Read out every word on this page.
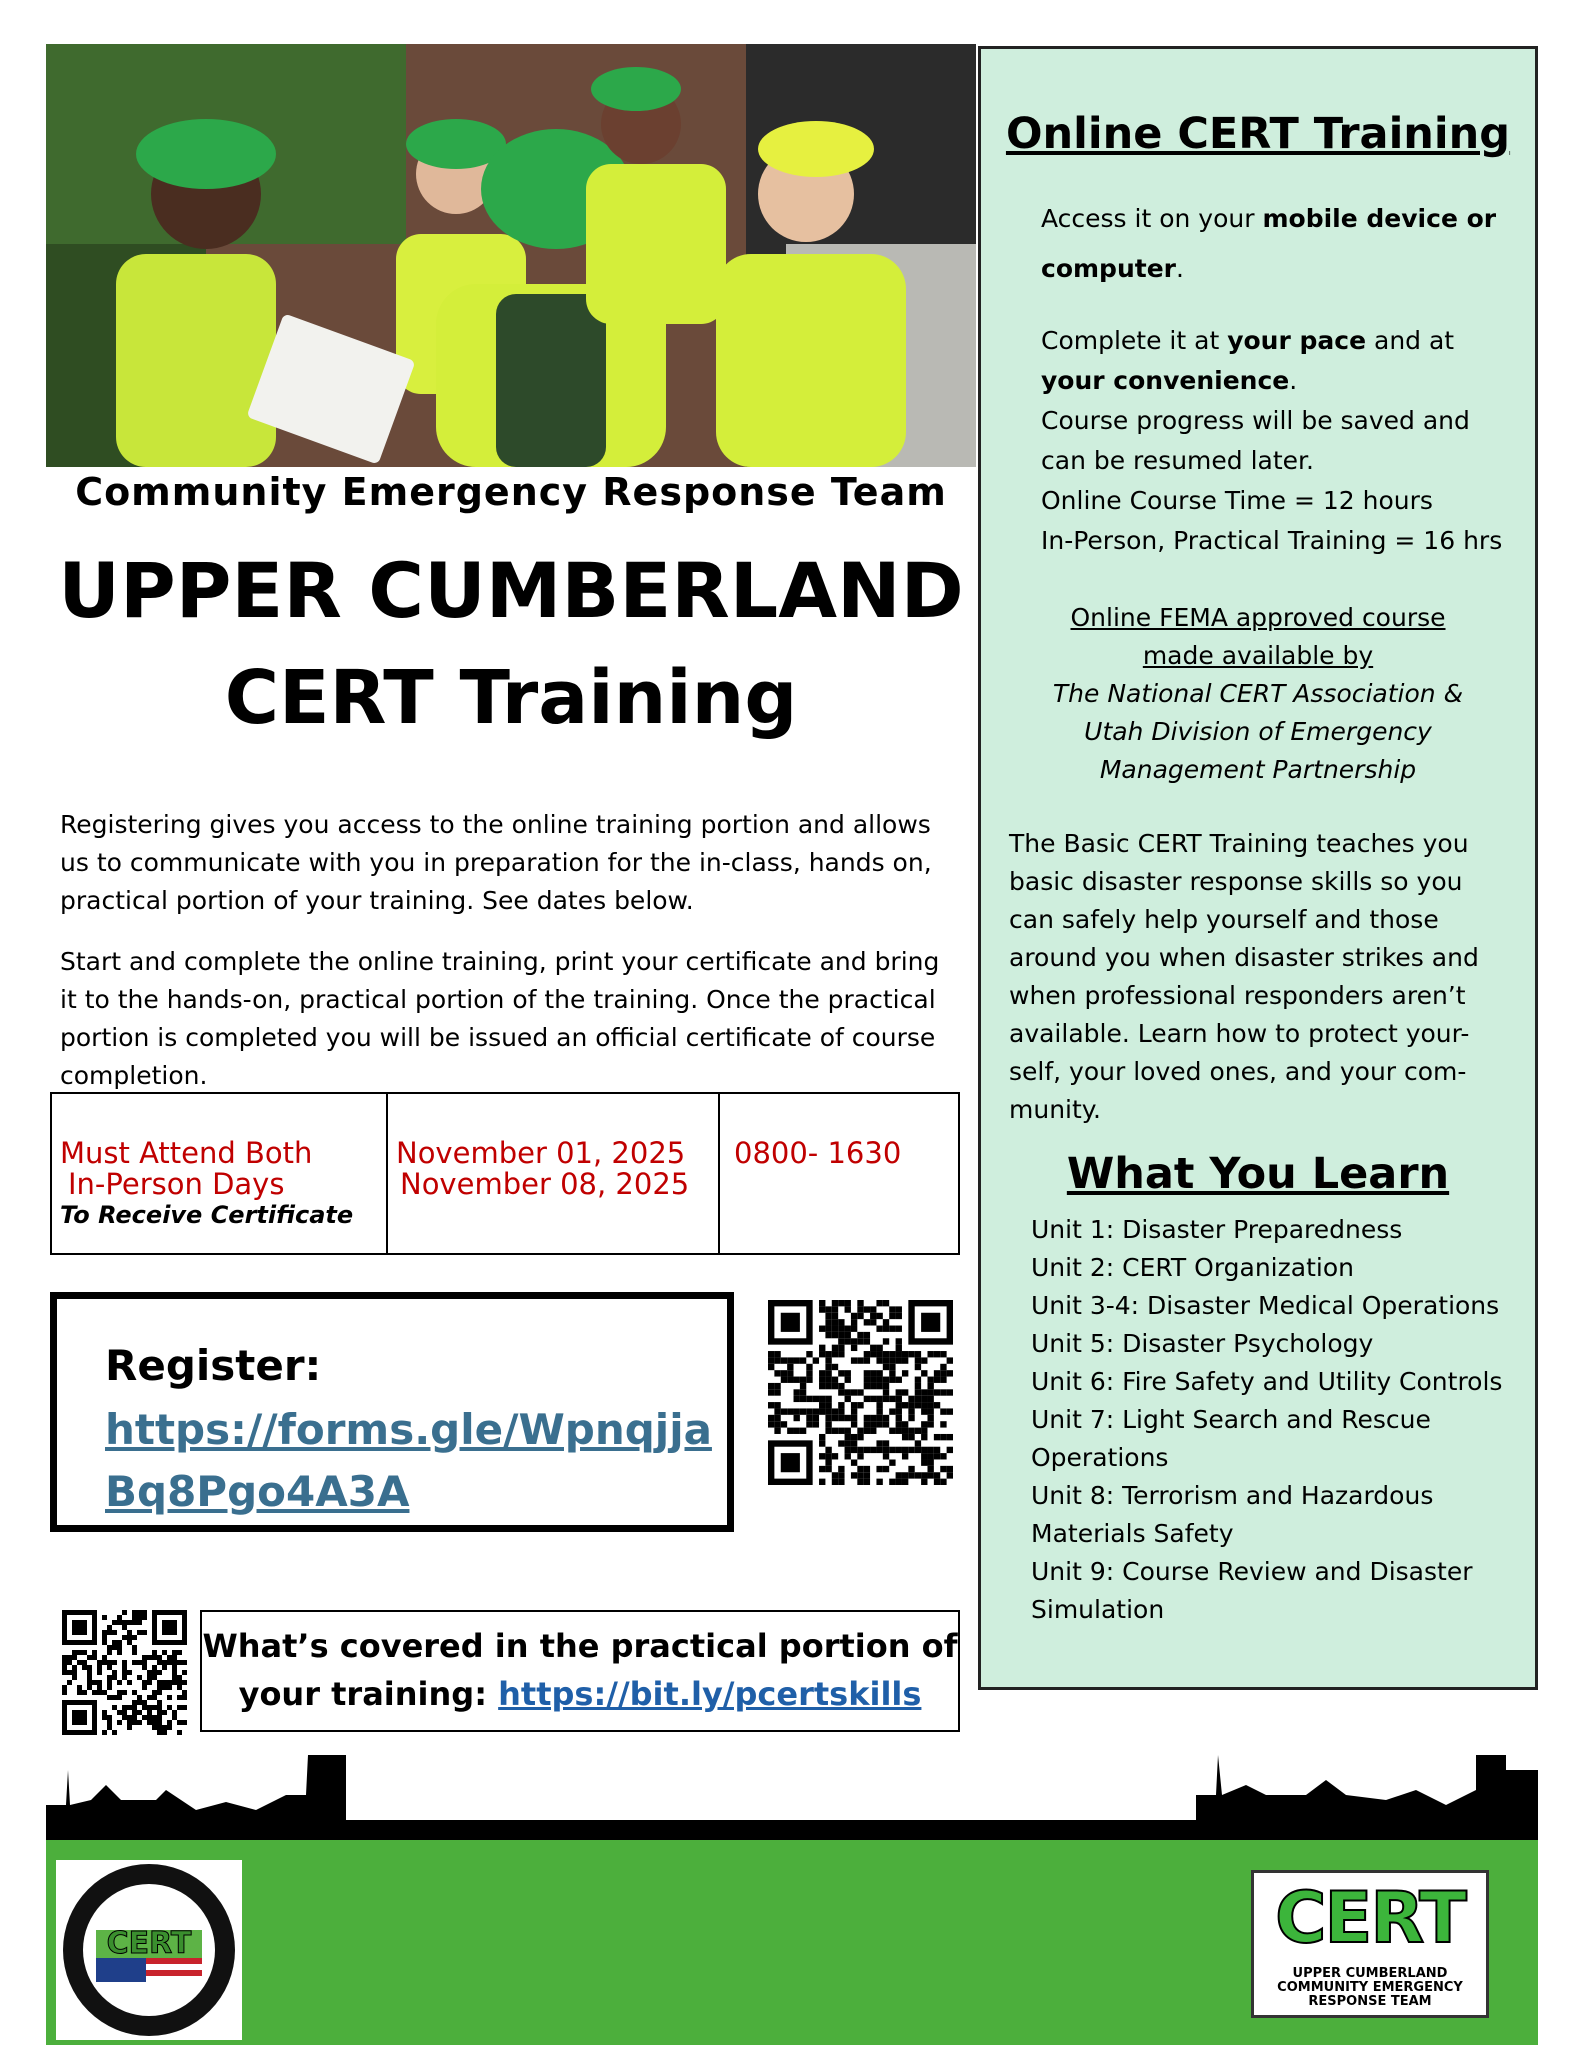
Community Emergency Response Team
UPPER CUMBERLAND
CERT Training
Registering gives you access to the online training portion and allows us to communicate with you in preparation for the in-class, hands on, practical portion of your training. See dates below.
Start and complete the online training, print your certificate and bring it to the hands-on, practical portion of the training. Once the practical portion is completed you will be issued an official certificate of course completion.
Must Attend Both
In-Person Days
To Receive Certificate

November 01, 2025
November 08, 2025

0800- 1630
Register:
https://forms.gle/WpnqjjaBq8Pgo4A3A
What’s covered in the practical portion of
your training: https://bit.ly/pcertskills
Online CERT Training
Access it on your mobile device or computer.
Complete it at your pace and at your convenience.
Course progress will be saved and can be resumed later.
Online Course Time = 12 hours
In-Person, Practical Training = 16 hrs
Online FEMA approved course
made available by
The National CERT Association &
Utah Division of Emergency
Management Partnership
The Basic CERT Training teaches you basic disaster response skills so you can safely help yourself and those around you when disaster strikes and when professional responders aren’t available. Learn how to protect your-self, your loved ones, and your com-munity.
What You Learn
Unit 1: Disaster Preparedness
Unit 2: CERT Organization
Unit 3-4: Disaster Medical Operations
Unit 5: Disaster Psychology
Unit 6: Fire Safety and Utility Controls
Unit 7: Light Search and Rescue Operations
Unit 8: Terrorism and Hazardous Materials Safety
Unit 9: Course Review and Disaster Simulation
CERT	CERT
UPPER CUMBERLAND
COMMUNITY EMERGENCY
RESPONSE TEAM
